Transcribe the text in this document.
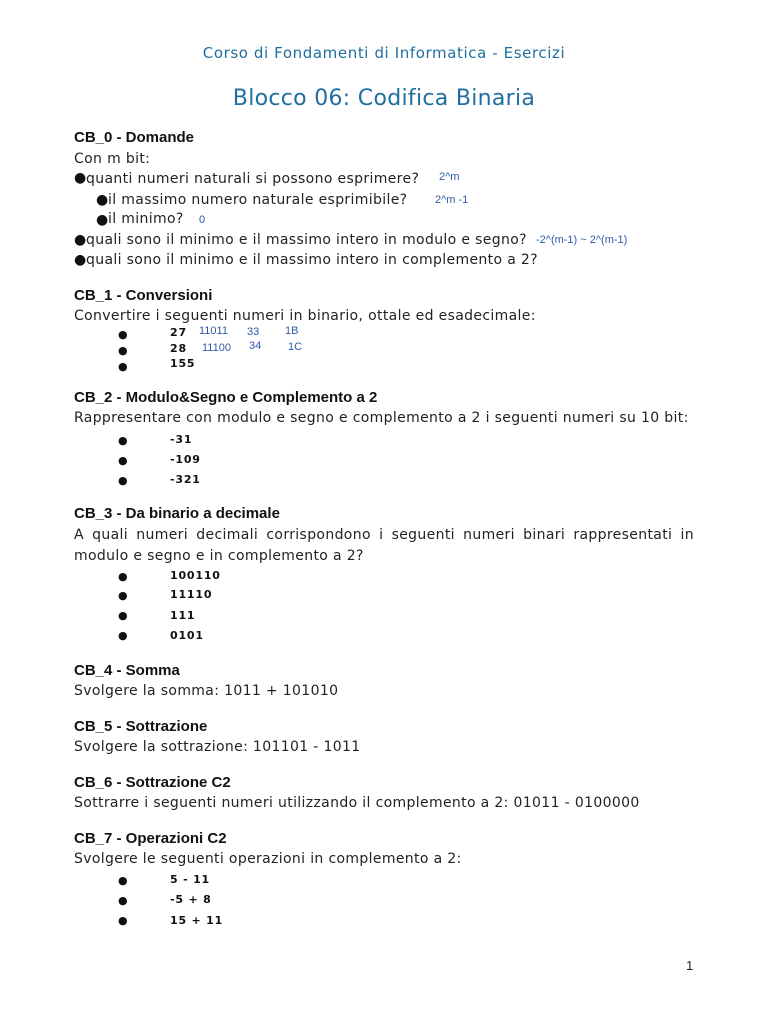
Corso di Fondamenti di Informatica - Esercizi
Blocco 06: Codifica Binaria
CB_0 - Domande
Con m bit:
● quanti numeri naturali si possono esprimere? 2^m
● il massimo numero naturale esprimibile?	2^m -1
● il minimo? 0
● quali sono il minimo e il massimo intero in modulo e segno? -2^(m-1) ~ 2^(m-1)
● quali sono il minimo e il massimo intero in complemento a 2?
CB_1 - Conversioni
Convertire i seguenti numeri in binario, ottale ed esadecimale:
●	27 11011 33 1B
●	28 11100 34 1C
●	155
CB_2 - Modulo&Segno e Complemento a 2
Rappresentare con modulo e segno e complemento a 2 i seguenti numeri su 10 bit:
●	-31
●	-109
●	-321
CB_3 - Da binario a decimale
A quali numeri decimali corrispondono i seguenti numeri binari rappresentati in modulo e segno e in complemento a 2?
●	100110
●	11110
●	111
●	0101
CB_4 - Somma
Svolgere la somma: 1011 + 101010
CB_5 - Sottrazione
Svolgere la sottrazione: 101101 - 1011
CB_6 - Sottrazione C2
Sottrarre i seguenti numeri utilizzando il complemento a 2: 01011 - 0100000
CB_7 - Operazioni C2
Svolgere le seguenti operazioni in complemento a 2:
●	5 - 11
●	-5 + 8
●	15 + 11
1
